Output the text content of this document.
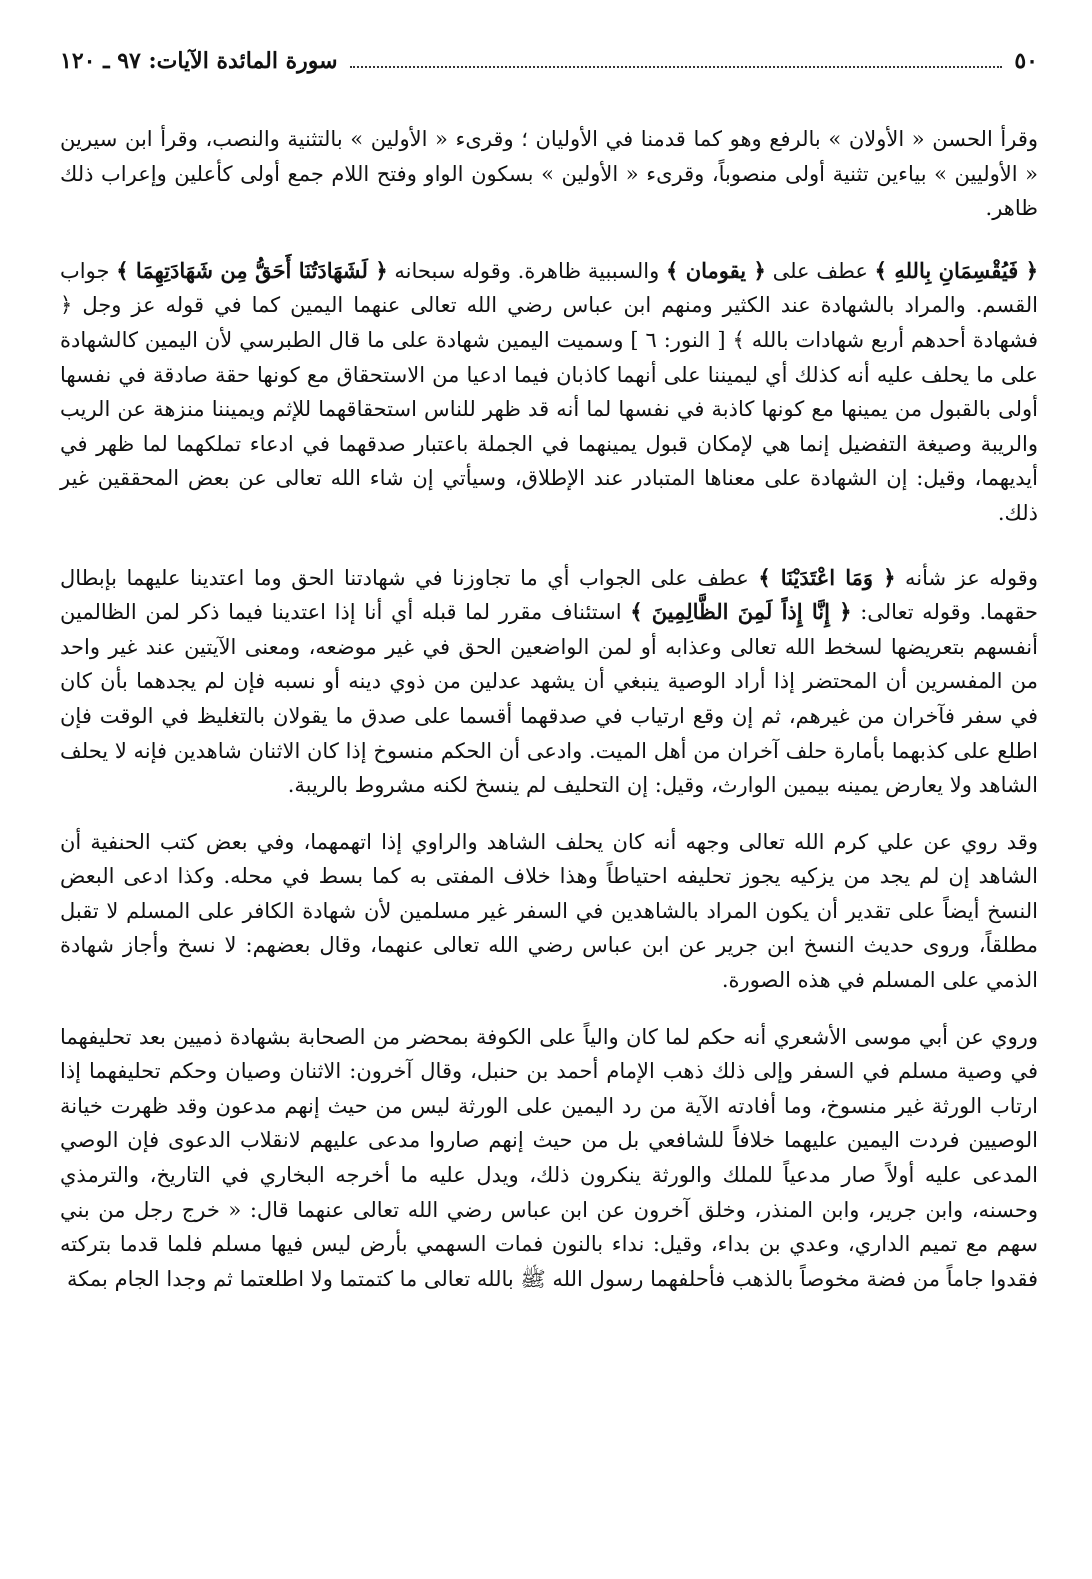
٥٠
سورة المائدة الآيات: ٩٧ ـ ١٢٠

وقرأ الحسن « الأولان » بالرفع وهو كما قدمنا في الأوليان ؛ وقرىء « الأولين » بالتثنية والنصب، وقرأ ابن سيرين « الأوليين » بياءين تثنية أولى منصوباً، وقرىء « الأولين » بسكون الواو وفتح اللام جمع أولى كأعلين وإعراب ذلك ظاهر.

﴿ فَيُقْسِمَانِ بِاللهِ ﴾ عطف على ﴿ يقومان ﴾ والسببية ظاهرة. وقوله سبحانه ﴿ لَشَهَادَتُنَا أَحَقُّ مِن شَهَادَتِهِمَا ﴾ جواب القسم. والمراد بالشهادة عند الكثير ومنهم ابن عباس رضي الله تعالى عنهما اليمين كما في قوله عز وجل ﴿ فشهادة أحدهم أربع شهادات بالله ﴾ [ النور: ٦ ] وسميت اليمين شهادة على ما قال الطبرسي لأن اليمين كالشهادة على ما يحلف عليه أنه كذلك أي ليميننا على أنهما كاذبان فيما ادعيا من الاستحقاق مع كونها حقة صادقة في نفسها أولى بالقبول من يمينها مع كونها كاذبة في نفسها لما أنه قد ظهر للناس استحقاقهما للإثم ويميننا منزهة عن الريب والريبة وصيغة التفضيل إنما هي لإمكان قبول يمينهما في الجملة باعتبار صدقهما في ادعاء تملكهما لما ظهر في أيديهما، وقيل: إن الشهادة على معناها المتبادر عند الإطلاق، وسيأتي إن شاء الله تعالى عن بعض المحققين غير ذلك.

وقوله عز شأنه ﴿ وَمَا اعْتَدَيْنَا ﴾ عطف على الجواب أي ما تجاوزنا في شهادتنا الحق وما اعتدينا عليهما بإبطال حقهما. وقوله تعالى: ﴿ إِنَّا إِذاً لَمِنَ الظَّالِمِينَ ﴾ استئناف مقرر لما قبله أي أنا إذا اعتدينا فيما ذكر لمن الظالمين أنفسهم بتعريضها لسخط الله تعالى وعذابه أو لمن الواضعين الحق في غير موضعه، ومعنى الآيتين عند غير واحد من المفسرين أن المحتضر إذا أراد الوصية ينبغي أن يشهد عدلين من ذوي دينه أو نسبه فإن لم يجدهما بأن كان في سفر فآخران من غيرهم، ثم إن وقع ارتياب في صدقهما أقسما على صدق ما يقولان بالتغليظ في الوقت فإن اطلع على كذبهما بأمارة حلف آخران من أهل الميت. وادعى أن الحكم منسوخ إذا كان الاثنان شاهدين فإنه لا يحلف الشاهد ولا يعارض يمينه بيمين الوارث، وقيل: إن التحليف لم ينسخ لكنه مشروط بالريبة.

وقد روي عن علي كرم الله تعالى وجهه أنه كان يحلف الشاهد والراوي إذا اتهمهما، وفي بعض كتب الحنفية أن الشاهد إن لم يجد من يزكيه يجوز تحليفه احتياطاً وهذا خلاف المفتى به كما بسط في محله. وكذا ادعى البعض النسخ أيضاً على تقدير أن يكون المراد بالشاهدين في السفر غير مسلمين لأن شهادة الكافر على المسلم لا تقبل مطلقاً، وروى حديث النسخ ابن جرير عن ابن عباس رضي الله تعالى عنهما، وقال بعضهم: لا نسخ وأجاز شهادة الذمي على المسلم في هذه الصورة.

وروي عن أبي موسى الأشعري أنه حكم لما كان والياً على الكوفة بمحضر من الصحابة بشهادة ذميين بعد تحليفهما في وصية مسلم في السفر وإلى ذلك ذهب الإمام أحمد بن حنبل، وقال آخرون: الاثنان وصيان وحكم تحليفهما إذا ارتاب الورثة غير منسوخ، وما أفادته الآية من رد اليمين على الورثة ليس من حيث إنهم مدعون وقد ظهرت خيانة الوصيين فردت اليمين عليهما خلافاً للشافعي بل من حيث إنهم صاروا مدعى عليهم لانقلاب الدعوى فإن الوصي المدعى عليه أولاً صار مدعياً للملك والورثة ينكرون ذلك، ويدل عليه ما أخرجه البخاري في التاريخ، والترمذي وحسنه، وابن جرير، وابن المنذر، وخلق آخرون عن ابن عباس رضي الله تعالى عنهما قال: « خرج رجل من بني سهم مع تميم الداري، وعدي بن بداء، وقيل: نداء بالنون فمات السهمي بأرض ليس فيها مسلم فلما قدما بتركته فقدوا جاماً من فضة مخوصاً بالذهب فأحلفهما رسول الله ﷺ بالله تعالى ما كتمتما ولا اطلعتما ثم وجدا الجام بمكة
